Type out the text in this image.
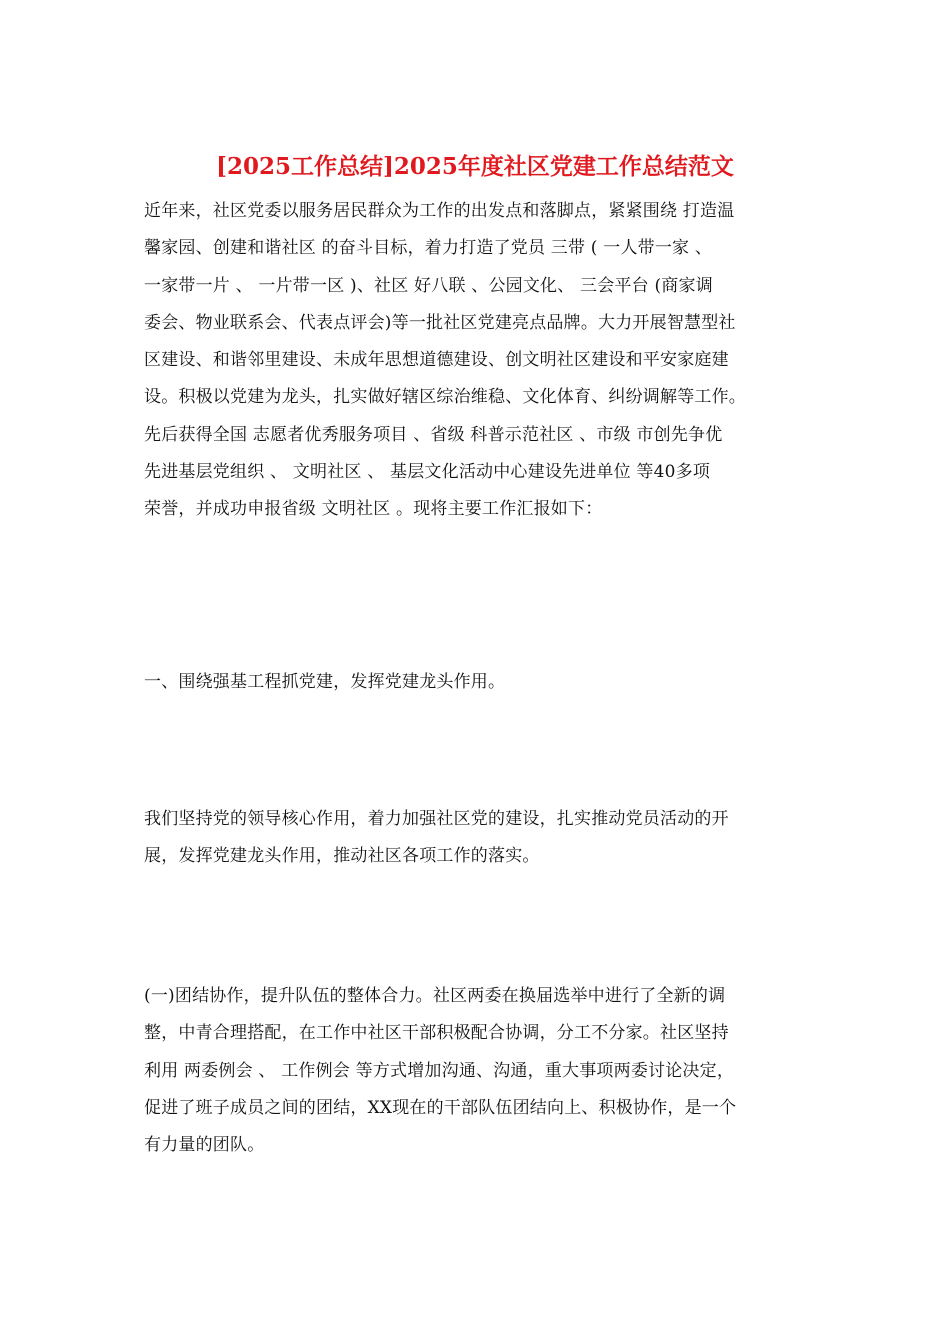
[2025工作总结]2025年度社区党建工作总结范文
近年来，社区党委以服务居民群众为工作的出发点和落脚点，紧紧围绕 打造温
馨家园、创建和谐社区 的奋斗目标，着力打造了党员 三带 ( 一人带一家 、
一家带一片 、 一片带一区 )、社区 好八联 、公园文化、 三会平台 (商家调
委会、物业联系会、代表点评会)等一批社区党建亮点品牌。大力开展智慧型社
区建设、和谐邻里建设、未成年思想道德建设、创文明社区建设和平安家庭建
设。积极以党建为龙头，扎实做好辖区综治维稳、文化体育、纠纷调解等工作。
先后获得全国 志愿者优秀服务项目 、省级 科普示范社区 、市级 市创先争优
先进基层党组织 、 文明社区 、 基层文化活动中心建设先进单位 等40多项
荣誉，并成功申报省级 文明社区 。现将主要工作汇报如下：
一、围绕强基工程抓党建，发挥党建龙头作用。
我们坚持党的领导核心作用，着力加强社区党的建设，扎实推动党员活动的开
展，发挥党建龙头作用，推动社区各项工作的落实。
(一)团结协作，提升队伍的整体合力。社区两委在换届选举中进行了全新的调
整，中青合理搭配，在工作中社区干部积极配合协调，分工不分家。社区坚持
利用 两委例会 、 工作例会 等方式增加沟通、沟通，重大事项两委讨论决定，
促进了班子成员之间的团结，XX现在的干部队伍团结向上、积极协作，是一个
有力量的团队。
